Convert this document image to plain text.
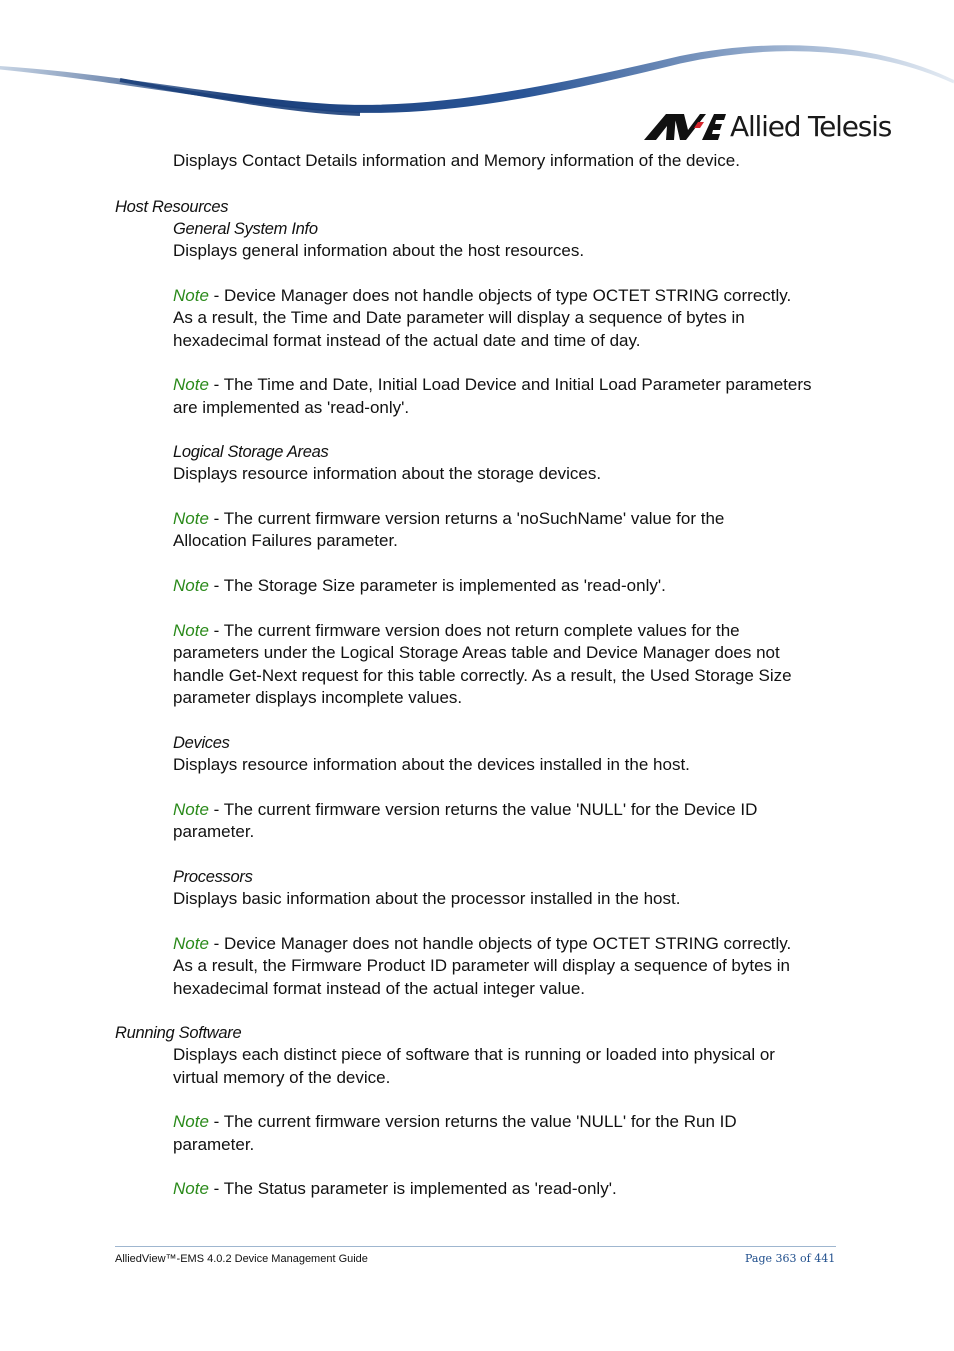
Allied Telesis
Displays Contact Details information and Memory information of the device.
Host Resources
General System Info
Displays general information about the host resources.
Note - Device Manager does not handle objects of type OCTET STRING correctly.
As a result, the Time and Date parameter will display a sequence of bytes in
hexadecimal format instead of the actual date and time of day.
Note - The Time and Date, Initial Load Device and Initial Load Parameter parameters
are implemented as 'read-only'.
Logical Storage Areas
Displays resource information about the storage devices.
Note - The current firmware version returns a 'noSuchName' value for the
Allocation Failures parameter.
Note - The Storage Size parameter is implemented as 'read-only'.
Note - The current firmware version does not return complete values for the
parameters under the Logical Storage Areas table and Device Manager does not
handle Get-Next request for this table correctly. As a result, the Used Storage Size
parameter displays incomplete values.
Devices
Displays resource information about the devices installed in the host.
Note - The current firmware version returns the value 'NULL' for the Device ID
parameter.
Processors
Displays basic information about the processor installed in the host.
Note - Device Manager does not handle objects of type OCTET STRING correctly.
As a result, the Firmware Product ID parameter will display a sequence of bytes in
hexadecimal format instead of the actual integer value.
Running Software
Displays each distinct piece of software that is running or loaded into physical or
virtual memory of the device.
Note - The current firmware version returns the value 'NULL' for the Run ID
parameter.
Note - The Status parameter is implemented as 'read-only'.
AlliedView™-EMS 4.0.2 Device Management Guide	Page 363 of 441
